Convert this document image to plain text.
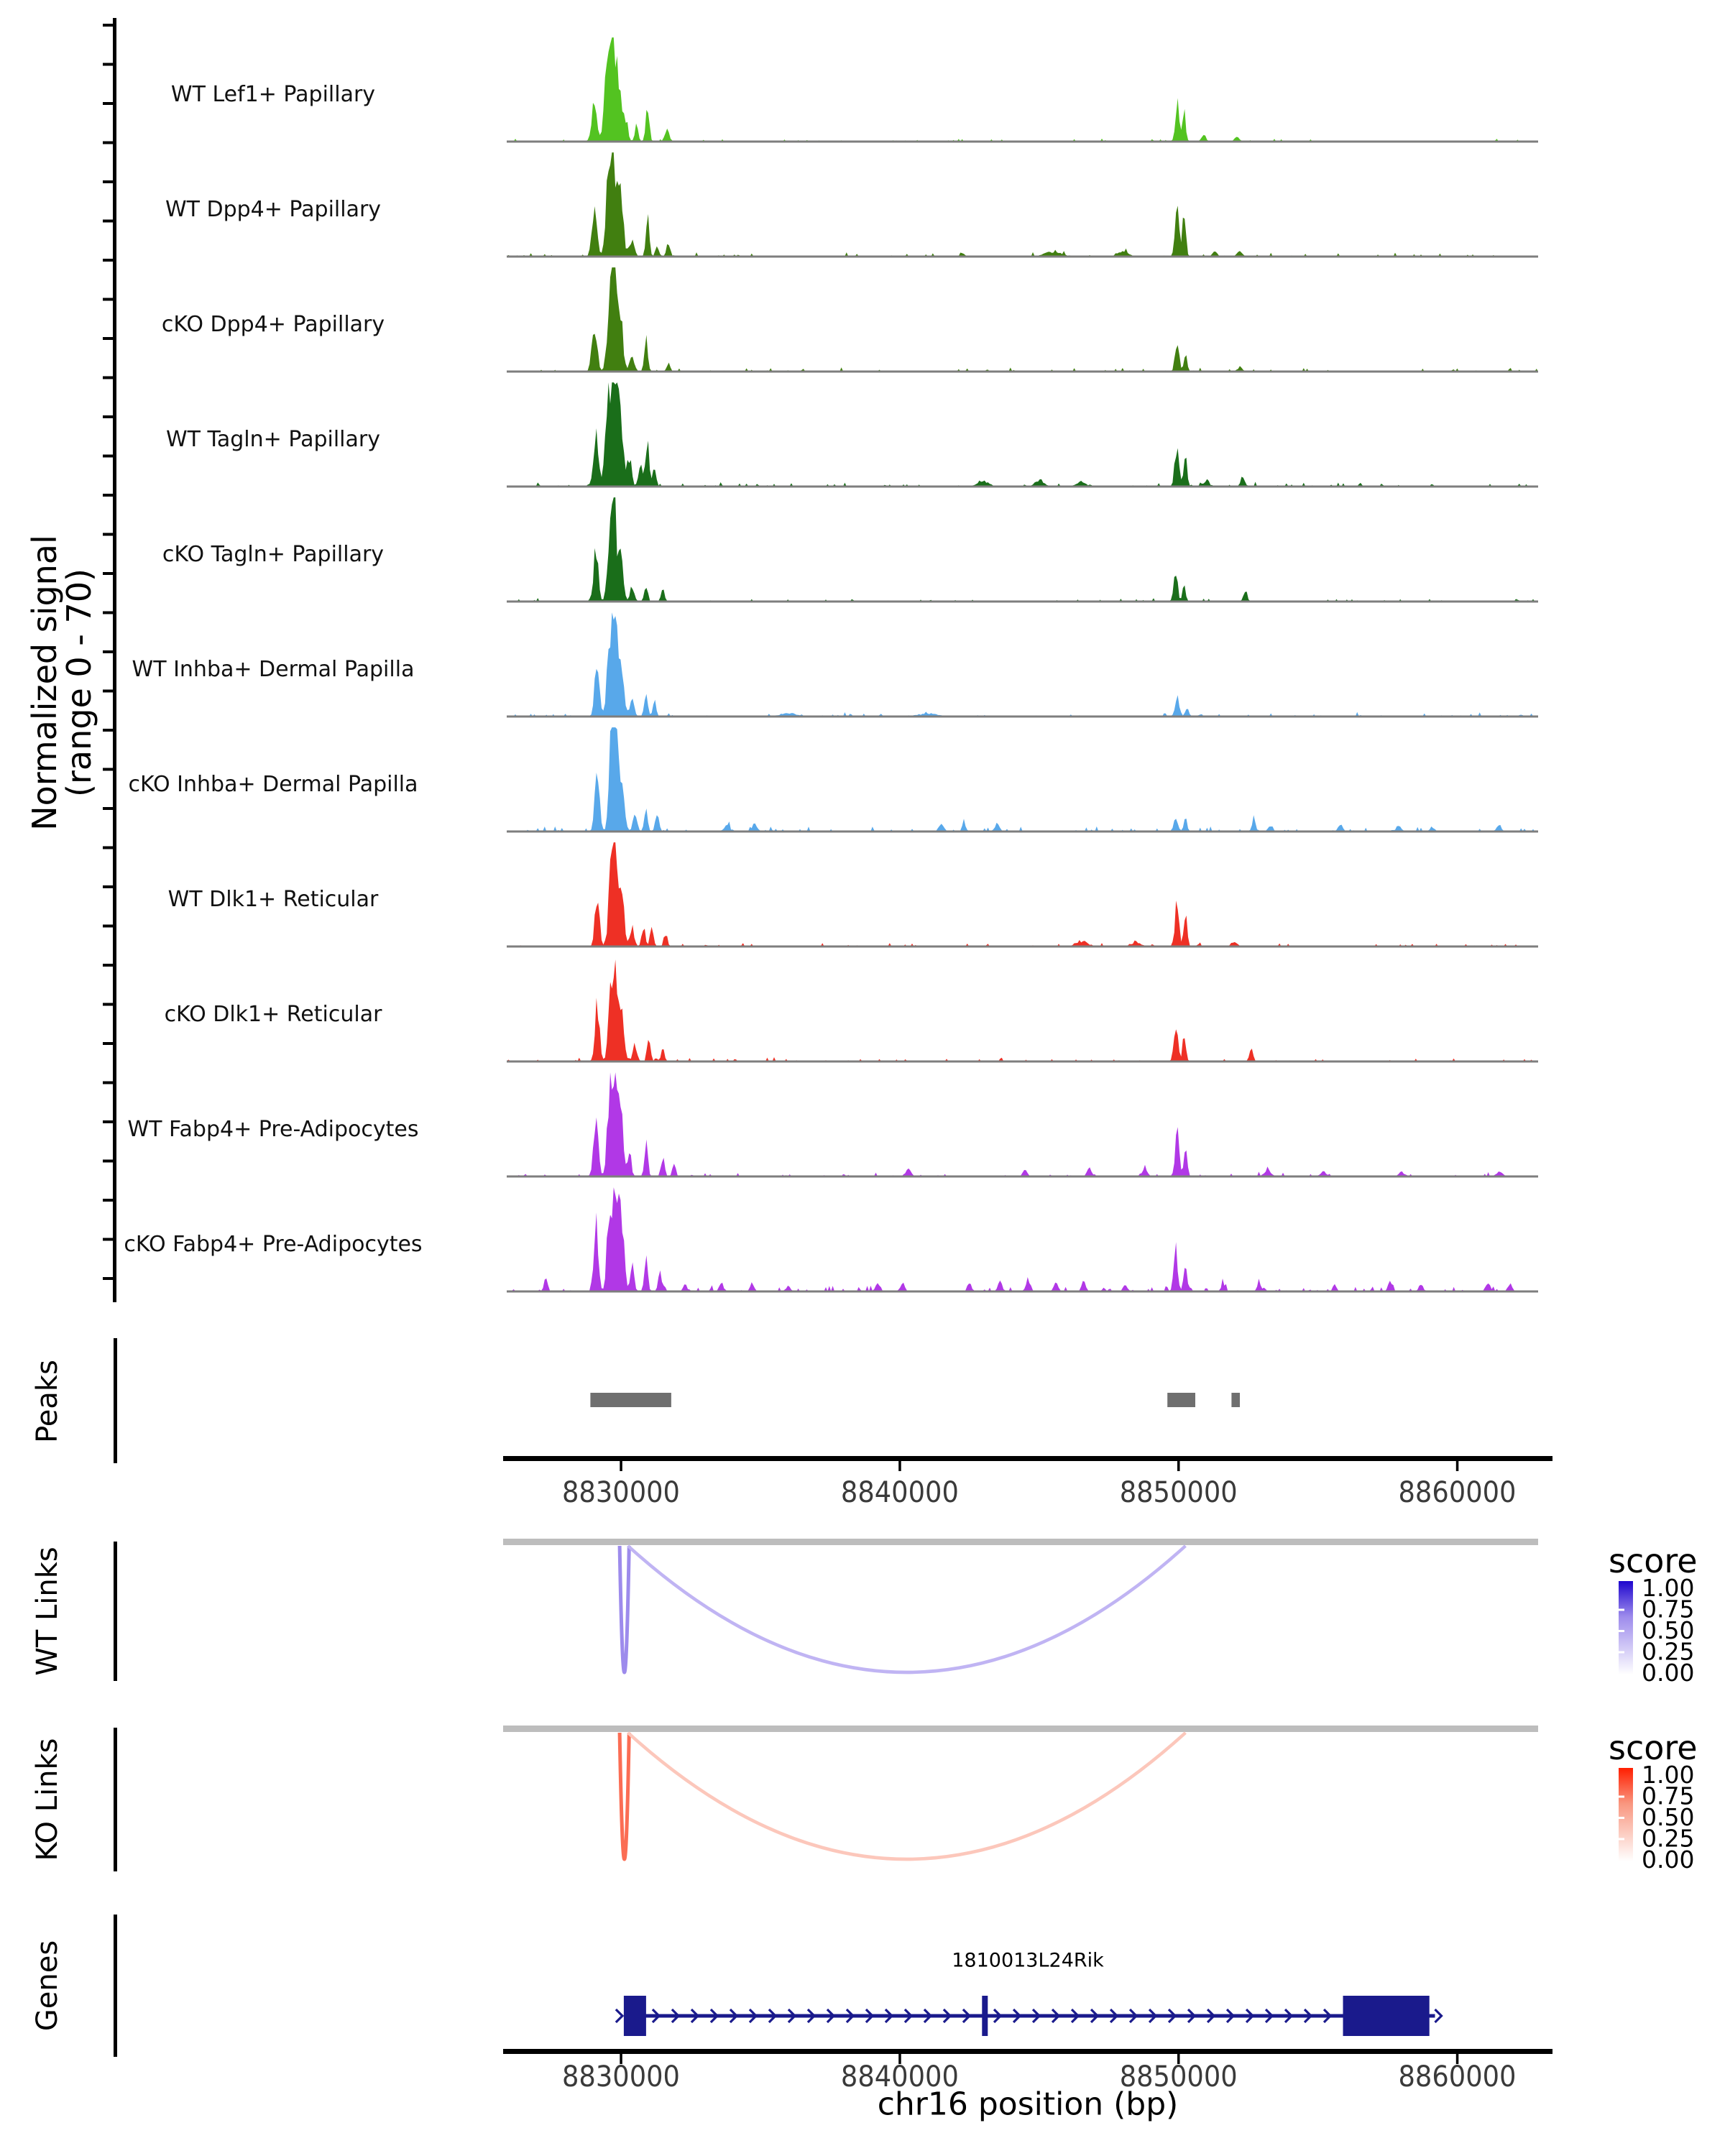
WT Lef1+ Papillary
WT Dpp4+ Papillary
cKO Dpp4+ Papillary
WT Tagln+ Papillary
cKO Tagln+ Papillary
WT Inhba+ Dermal Papilla
cKO Inhba+ Dermal Papilla
WT Dlk1+ Reticular
cKO Dlk1+ Reticular
WT Fabp4+ Pre-Adipocytes
cKO Fabp4+ Pre-Adipocytes
8830000	8840000	8850000	8860000
8830000	8840000	8850000	8860000
1.00
0.75
0.50
0.25
0.00
1.00
0.75
0.50
0.25
0.00
Normalized signal
(range 0 - 70)
Peaks
WT Links
KO Links
Genes
score
score
1810013L24Rik
chr16 position (bp)
